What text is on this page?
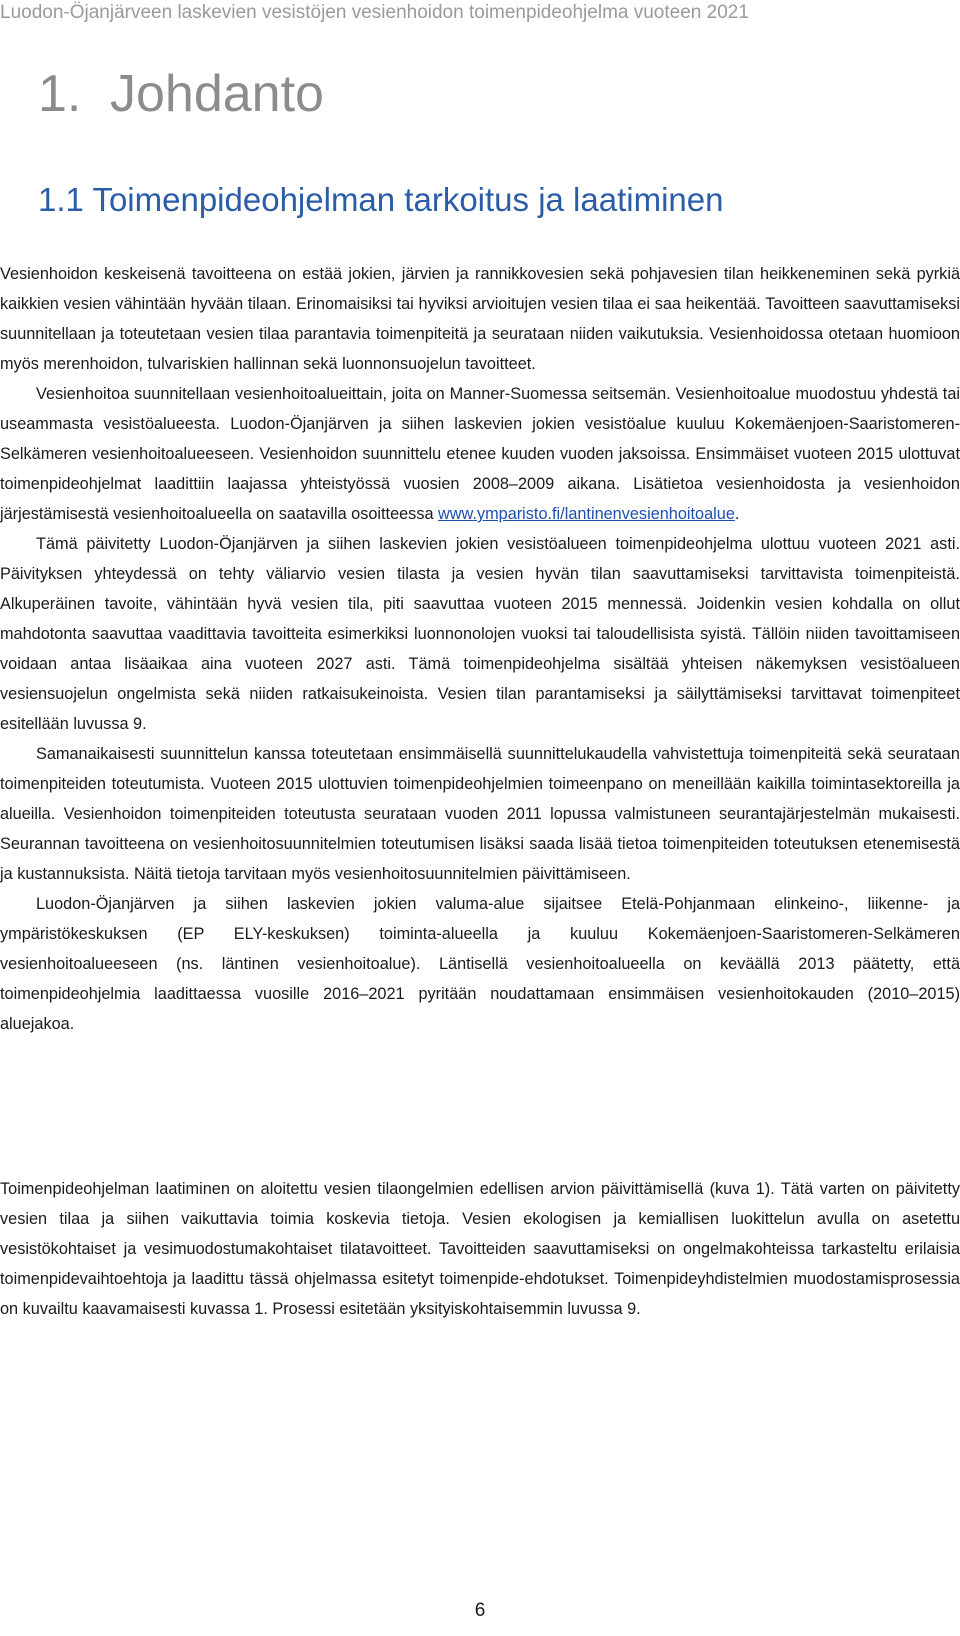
Luodon-Öjanjärveen laskevien vesistöjen vesienhoidon toimenpideohjelma vuoteen 2021
1. Johdanto
1.1 Toimenpideohjelman tarkoitus ja laatiminen

Vesienhoidon keskeisenä tavoitteena on estää jokien, järvien ja rannikkovesien sekä pohjavesien tilan heikkeneminen sekä pyrkiä kaikkien vesien vähintään hyvään tilaan. Erinomaisiksi tai hyviksi arvioitujen vesien tilaa ei saa heikentää. Tavoitteen saavuttamiseksi suunnitellaan ja toteutetaan vesien tilaa parantavia toimenpiteitä ja seurataan niiden vaikutuksia. Vesienhoidossa otetaan huomioon myös merenhoidon, tulvariskien hallinnan sekä luonnonsuojelun tavoitteet.

Vesienhoitoa suunnitellaan vesienhoitoalueittain, joita on Manner-Suomessa seitsemän. Vesienhoitoalue muodostuu yhdestä tai useammasta vesistöalueesta. Luodon-Öjanjärven ja siihen laskevien jokien vesistöalue kuuluu Kokemäenjoen-Saaristomeren-Selkämeren vesienhoitoalueeseen. Vesienhoidon suunnittelu etenee kuuden vuoden jaksoissa. Ensimmäiset vuoteen 2015 ulottuvat toimenpideohjelmat laadittiin laajassa yhteistyössä vuosien 2008–2009 aikana. Lisätietoa vesienhoidosta ja vesienhoidon järjestämisestä vesienhoitoalueella on saatavilla osoitteessa www.ymparisto.fi/lantinenvesienhoitoalue.

Tämä päivitetty Luodon-Öjanjärven ja siihen laskevien jokien vesistöalueen toimenpideohjelma ulottuu vuoteen 2021 asti. Päivityksen yhteydessä on tehty väliarvio vesien tilasta ja vesien hyvän tilan saavuttamiseksi tarvittavista toimenpiteistä. Alkuperäinen tavoite, vähintään hyvä vesien tila, piti saavuttaa vuoteen 2015 mennessä. Joidenkin vesien kohdalla on ollut mahdotonta saavuttaa vaadittavia tavoitteita esimerkiksi luonnonolojen vuoksi tai taloudellisista syistä. Tällöin niiden tavoittamiseen voidaan antaa lisäaikaa aina vuoteen 2027 asti. Tämä toimenpideohjelma sisältää yhteisen näkemyksen vesistöalueen vesiensuojelun ongelmista sekä niiden ratkaisukeinoista. Vesien tilan parantamiseksi ja säilyttämiseksi tarvittavat toimenpiteet esitellään luvussa 9.

Samanaikaisesti suunnittelun kanssa toteutetaan ensimmäisellä suunnittelukaudella vahvistettuja toimenpiteitä sekä seurataan toimenpiteiden toteutumista. Vuoteen 2015 ulottuvien toimenpideohjelmien toimeenpano on meneillään kaikilla toimintasektoreilla ja alueilla. Vesienhoidon toimenpiteiden toteutusta seurataan vuoden 2011 lopussa valmistuneen seurantajärjestelmän mukaisesti. Seurannan tavoitteena on vesienhoitosuunnitelmien toteutumisen lisäksi saada lisää tietoa toimenpiteiden toteutuksen etenemisestä ja kustannuksista. Näitä tietoja tarvitaan myös vesienhoitosuunnitelmien päivittämiseen.

Luodon-Öjanjärven ja siihen laskevien jokien valuma-alue sijaitsee Etelä-Pohjanmaan elinkeino-, liikenne- ja ympäristökeskuksen (EP ELY-keskuksen) toiminta-alueella ja kuuluu Kokemäenjoen-Saaristomeren-Selkämeren vesienhoitoalueeseen (ns. läntinen vesienhoitoalue). Läntisellä vesienhoitoalueella on keväällä 2013 päätetty, että toimenpideohjelmia laadittaessa vuosille 2016–2021 pyritään noudattamaan ensimmäisen vesienhoitokauden (2010–2015) aluejakoa.

Toimenpideohjelman laatiminen on aloitettu vesien tilaongelmien edellisen arvion päivittämisellä (kuva 1). Tätä varten on päivitetty vesien tilaa ja siihen vaikuttavia toimia koskevia tietoja. Vesien ekologisen ja kemiallisen luokittelun avulla on asetettu vesistökohtaiset ja vesimuodostumakohtaiset tilatavoitteet. Tavoitteiden saavuttamiseksi on ongelmakohteissa tarkasteltu erilaisia toimenpidevaihtoehtoja ja laadittu tässä ohjelmassa esitetyt toimenpide-ehdotukset. Toimenpideyhdistelmien muodostamisprosessia on kuvailtu kaavamaisesti kuvassa 1. Prosessi esitetään yksityiskohtaisemmin luvussa 9.

6
